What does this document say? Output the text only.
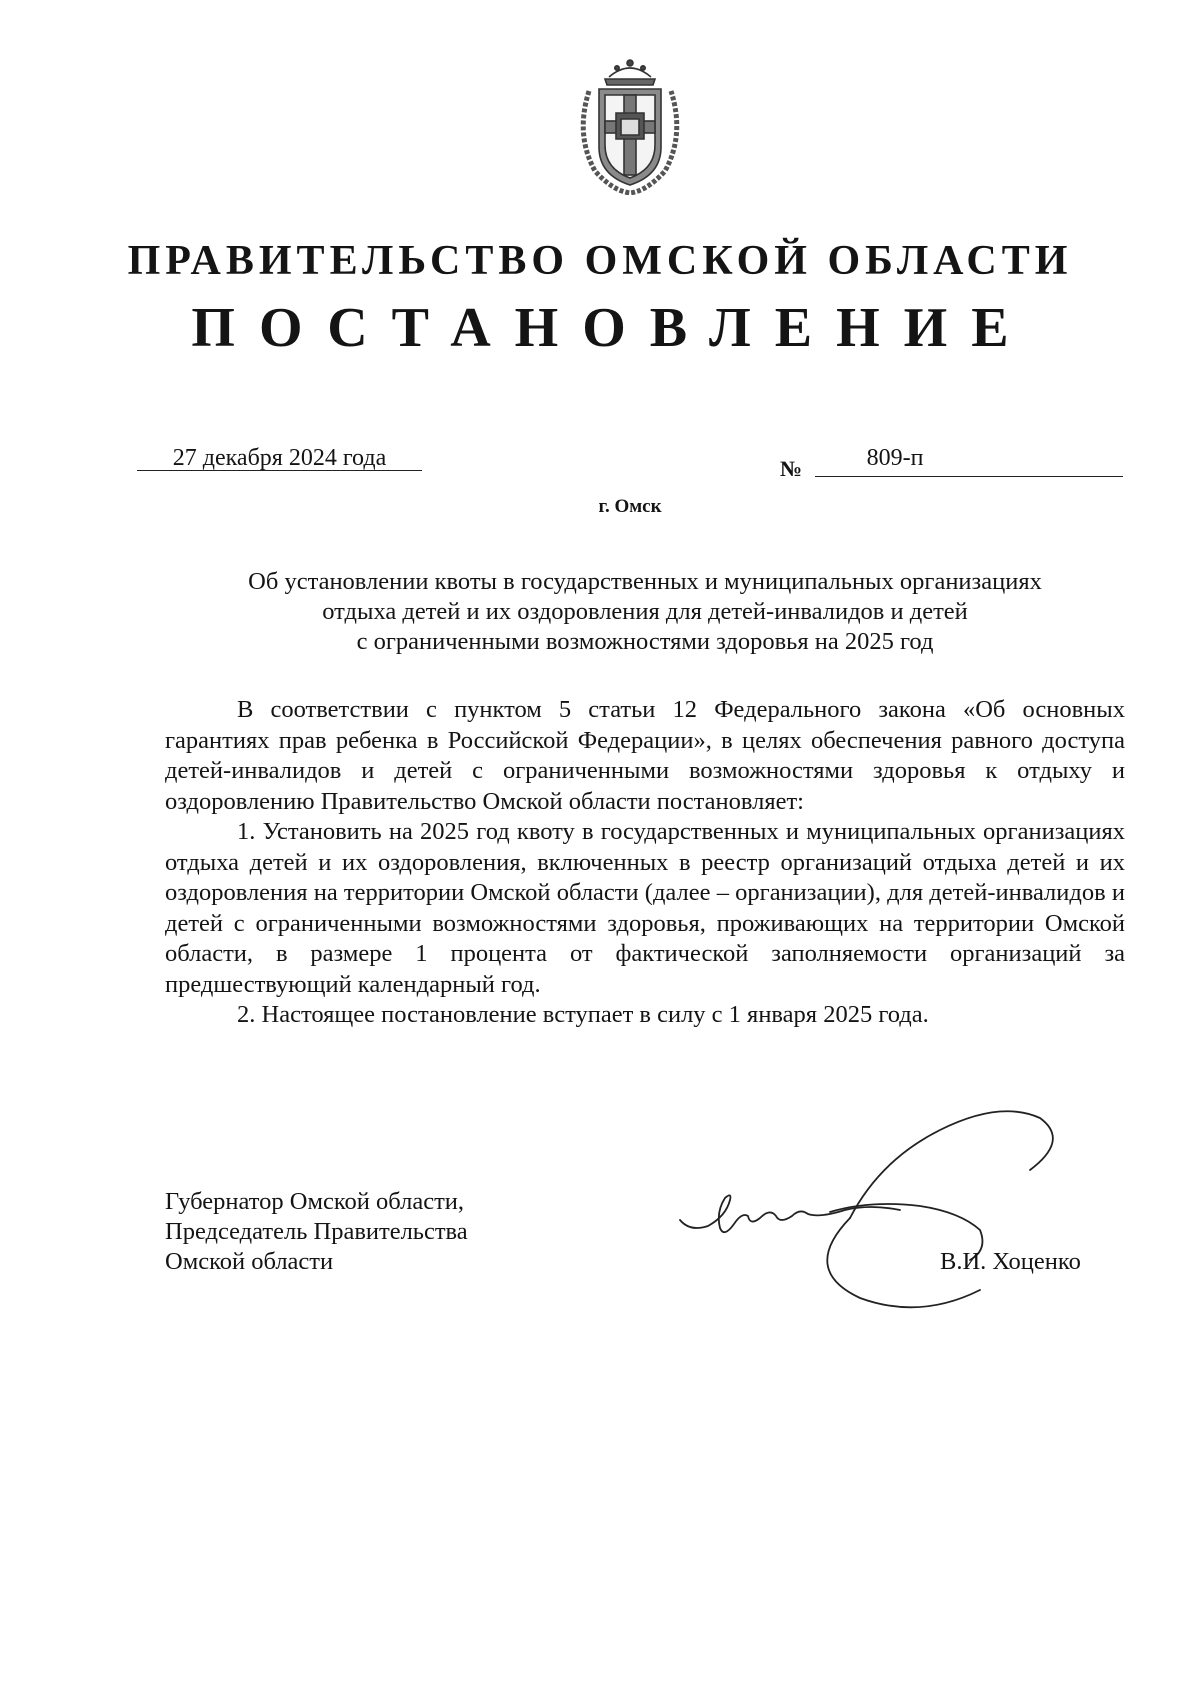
ПРАВИТЕЛЬСТВО ОМСКОЙ ОБЛАСТИ
ПОСТАНОВЛЕНИЕ
27 декабря 2024 года	№	809-п
г. Омск
Об установлении квоты в государственных и муниципальных организациях
отдыха детей и их оздоровления для детей-инвалидов и детей
с ограниченными возможностями здоровья на 2025 год

В соответствии с пунктом 5 статьи 12 Федерального закона «Об основных гарантиях прав ребенка в Российской Федерации», в целях обеспечения равного доступа детей-инвалидов и детей с ограниченными возможностями здоровья к отдыху и оздоровлению Правительство Омской области постановляет:

1. Установить на 2025 год квоту в государственных и муниципальных организациях отдыха детей и их оздоровления, включенных в реестр организаций отдыха детей и их оздоровления на территории Омской области (далее – организации), для детей-инвалидов и детей с ограниченными возможностями здоровья, проживающих на территории Омской области, в размере 1 процента от фактической заполняемости организаций за предшествующий календарный год.

2. Настоящее постановление вступает в силу с 1 января 2025 года.

Губернатор Омской области,
Председатель Правительства
Омской области	В.И. Хоценко
